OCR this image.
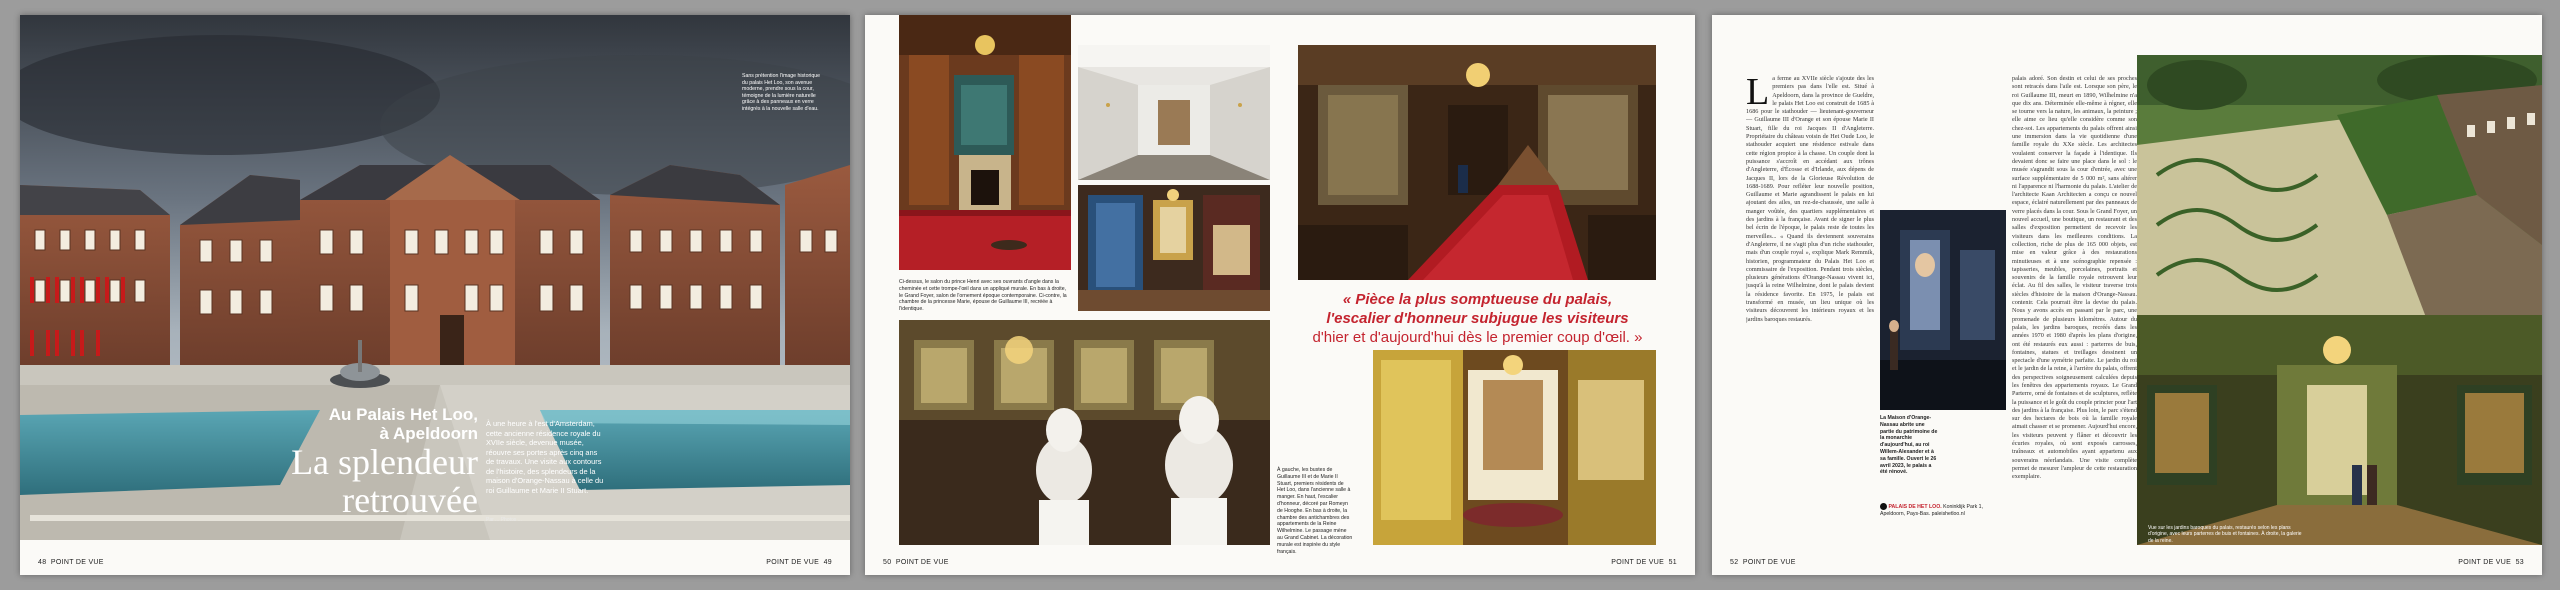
Sans prétention l'image historique du palais Het Loo, son avenue moderne, prendre sous la cour, témoigne de la lumière naturelle grâce à des panneaux en verre intégrés à la nouvelle salle d'eau.
Au Palais Het Loo,
à Apeldoorn
La splendeur
retrouvée
À une heure à l'est d'Amsterdam, cette ancienne résidence royale du XVIIe siècle, devenue musée, réouvre ses portes après cinq ans de travaux. Une visite aux contours de l'histoire, des splendeurs de la maison d'Orange-Nassau à celle du roi Guillaume et Marie II Stuart.
Par ... Photos ...
48 POINT DE VUE	POINT DE VUE 49
Ci-dessus, le salon du prince Henri avec ses ouvrants d'angle dans la cheminée et cette trompe-l'œil dans un appliqué murale. En bas à droite, le Grand Foyer, salon de l'ornement époque contemporaine. Ci-contre, la chambre de la princesse Marie, épouse de Guillaume III, recréée à l'identique.
« Pièce la plus somptueuse du palais, l'escalier d'honneur subjugue les visiteurs d'hier et d'aujourd'hui dès le premier coup d'œil. »
À gauche, les bustes de Guillaume III et de Marie II Stuart, premiers résidents de Het Loo, dans l'ancienne salle à manger. En haut, l'escalier d'honneur, décoré par Romeyn de Hooghe. En bas à droite, la chambre des antichambres des appartements de la Reine Wilhelmine. Le passage mène au Grand Cabinet. La décoration murale est inspirée du style français.
50 POINT DE VUE	POINT DE VUE 51
La ferme au XVIIe siècle s'ajoute des les premiers pas dans l'elle est. Situé à Apeldoorn, dans la province de Gueldre, le palais Het Loo est construit de 1685 à 1686 pour le stathouder — lieutenant-gouverneur — Guillaume III d'Orange et son épouse Marie II Stuart, fille du roi Jacques II d'Angleterre. Propriétaire du château voisin de Het Oude Loo, le stathouder acquiert une résidence estivale dans cette région propice à la chasse. Un couple dont la puissance s'accroît en accédant aux trônes d'Angleterre, d'Écosse et d'Irlande, aux dépens de Jacques II, lors de la Glorieuse Révolution de 1688-1689. Pour refléter leur nouvelle position, Guillaume et Marie agrandissent le palais en lui ajoutant des ailes, un rez-de-chaussée, une salle à manger voûtée, des quartiers supplémentaires et des jardins à la française. Avant de signer le plus bel écrin de l'époque, le palais reste de toutes les merveilles... « Quand ils deviennent souverains d'Angleterre, il ne s'agit plus d'un riche stathouder, mais d'un couple royal », explique Mark Remmik, historien, programmateur du Palais Het Loo et commissaire de l'exposition. Pendant trois siècles, plusieurs générations d'Orange-Nassau vivent ici, jusqu'à la reine Wilhelmine, dont le palais devient la résidence favorite. En 1975, le palais est transformé en musée, un lieu unique où les visiteurs découvrent les intérieurs royaux et les jardins baroques restaurés.
La Maison d'Orange-Nassau abrite une partie du patrimoine de la monarchie d'aujourd'hui, au roi Willem-Alexander et à sa famille. Ouvert le 26 avril 2023, le palais a été rénové.
PALAIS DE HET LOO. Koninklijk Park 1, Apeldoorn, Pays-Bas. paleishetloo.nl
palais adoré. Son destin et celui de ses proches sont retracés dans l'aile est. Lorsque son père, le roi Guillaume III, meurt en 1890, Wilhelmine n'a que dix ans. Déterminée elle-même à régner, elle se tourne vers la nature, les animaux, la peinture ; elle aime ce lieu qu'elle considère comme son chez-soi. Les appartements du palais offrent ainsi une immersion dans la vie quotidienne d'une famille royale du XXe siècle. Les architectes voulaient conserver la façade à l'identique. Ils devaient donc se faire une place dans le sol : le musée s'agrandit sous la cour d'entrée, avec une surface supplémentaire de 5 000 m², sans altérer ni l'apparence ni l'harmonie du palais. L'atelier de l'architecte Kaan Architecten a conçu ce nouvel espace, éclairé naturellement par des panneaux de verre placés dans la cour. Sous le Grand Foyer, un nouvel accueil, une boutique, un restaurant et des salles d'exposition permettent de recevoir les visiteurs dans les meilleures conditions. La collection, riche de plus de 165 000 objets, est mise en valeur grâce à des restaurations minutieuses et à une scénographie repensée : tapisseries, meubles, porcelaines, portraits et souvenirs de la famille royale retrouvent leur éclat. Au fil des salles, le visiteur traverse trois siècles d'histoire de la maison d'Orange-Nassau. contenir. Cela pourrait être la devise du palais. Nous y avons accès en passant par le parc, une promenade de plusieurs kilomètres. Autour du palais, les jardins baroques, recréés dans les années 1970 et 1980 d'après les plans d'origine, ont été restaurés eux aussi : parterres de buis, fontaines, statues et treillages dessinent un spectacle d'une symétrie parfaite. Le jardin du roi et le jardin de la reine, à l'arrière du palais, offrent des perspectives soigneusement calculées depuis les fenêtres des appartements royaux. Le Grand Parterre, orné de fontaines et de sculptures, reflète la puissance et le goût du couple princier pour l'art des jardins à la française. Plus loin, le parc s'étend sur des hectares de bois où la famille royale aimait chasser et se promener. Aujourd'hui encore, les visiteurs peuvent y flâner et découvrir les écuries royales, où sont exposés carrosses, traîneaux et automobiles ayant appartenu aux souverains néerlandais. Une visite complète permet de mesurer l'ampleur de cette restauration exemplaire.
Vue sur les jardins baroques du palais, restaurés selon les plans d'origine, avec leurs parterres de buis et fontaines. À droite, la galerie de la reine.
52 POINT DE VUE	POINT DE VUE 53
